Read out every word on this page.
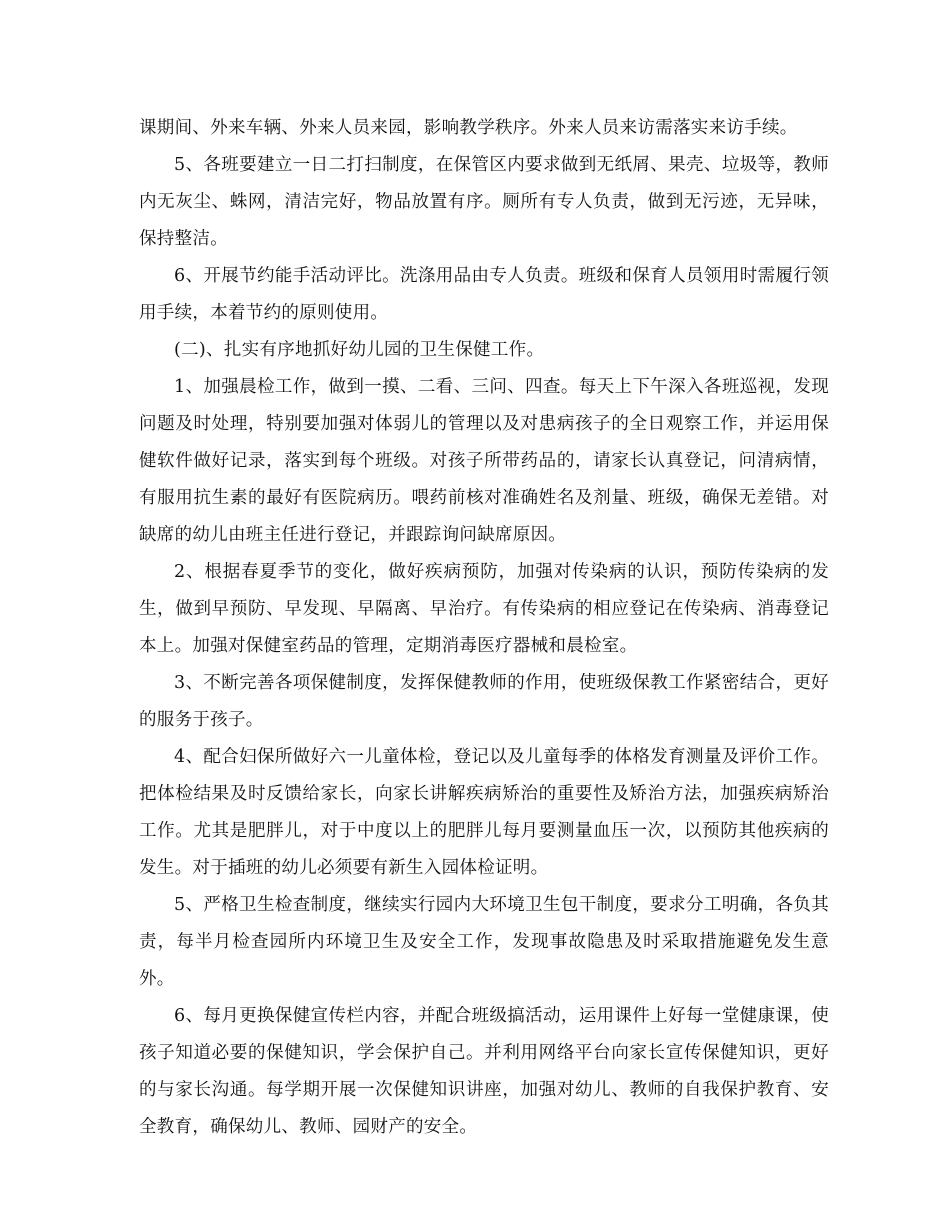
课期间、外来车辆、外来人员来园，影响教学秩序。外来人员来访需落实来访手续。

5、各班要建立一日二打扫制度，在保管区内要求做到无纸屑、果壳、垃圾等，教师内无灰尘、蛛网，清洁完好，物品放置有序。厕所有专人负责，做到无污迹，无异味，保持整洁。

6、开展节约能手活动评比。洗涤用品由专人负责。班级和保育人员领用时需履行领用手续，本着节约的原则使用。

(二)、扎实有序地抓好幼儿园的卫生保健工作。

1、加强晨检工作，做到一摸、二看、三问、四查。每天上下午深入各班巡视，发现问题及时处理，特别要加强对体弱儿的管理以及对患病孩子的全日观察工作，并运用保健软件做好记录，落实到每个班级。对孩子所带药品的，请家长认真登记，问清病情，有服用抗生素的最好有医院病历。喂药前核对准确姓名及剂量、班级，确保无差错。对缺席的幼儿由班主任进行登记，并跟踪询问缺席原因。

2、根据春夏季节的变化，做好疾病预防，加强对传染病的认识，预防传染病的发生，做到早预防、早发现、早隔离、早治疗。有传染病的相应登记在传染病、消毒登记本上。加强对保健室药品的管理，定期消毒医疗器械和晨检室。

3、不断完善各项保健制度，发挥保健教师的作用，使班级保教工作紧密结合，更好的服务于孩子。

4、配合妇保所做好六一儿童体检，登记以及儿童每季的体格发育测量及评价工作。把体检结果及时反馈给家长，向家长讲解疾病矫治的重要性及矫治方法，加强疾病矫治工作。尤其是肥胖儿，对于中度以上的肥胖儿每月要测量血压一次，以预防其他疾病的发生。对于插班的幼儿必须要有新生入园体检证明。

5、严格卫生检查制度，继续实行园内大环境卫生包干制度，要求分工明确，各负其责，每半月检查园所内环境卫生及安全工作，发现事故隐患及时采取措施避免发生意外。

6、每月更换保健宣传栏内容，并配合班级搞活动，运用课件上好每一堂健康课，使孩子知道必要的保健知识，学会保护自己。并利用网络平台向家长宣传保健知识，更好的与家长沟通。每学期开展一次保健知识讲座，加强对幼儿、教师的自我保护教育、安全教育，确保幼儿、教师、园财产的安全。
